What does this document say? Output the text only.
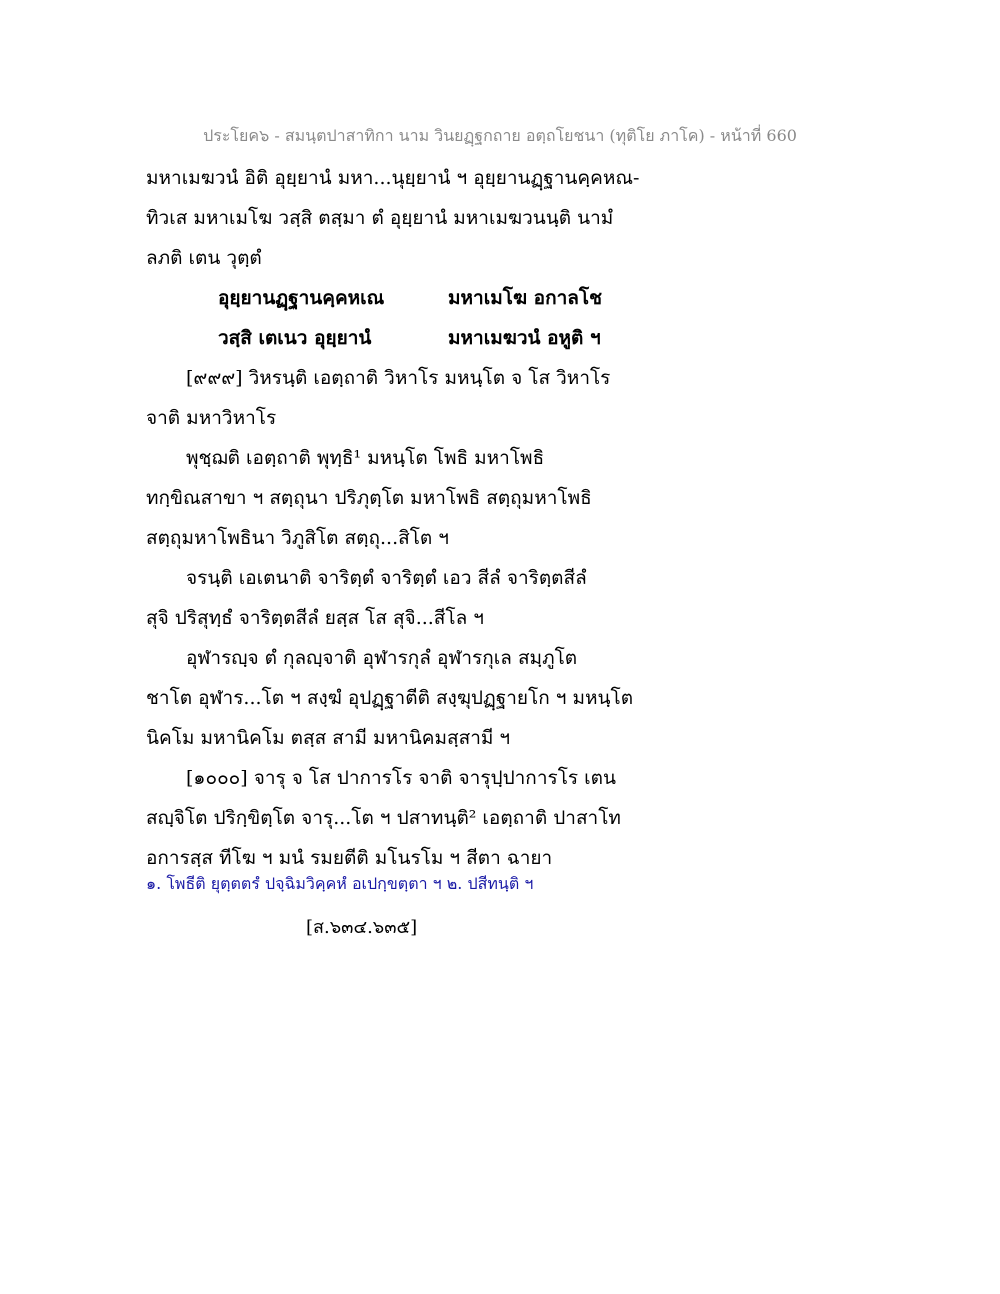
ประโยค๖ - สมนฺตปาสาทิกา นาม วินยฏฺฐกถาย อตฺถโยชนา (ทุติโย ภาโค) - หน้าที่ 660
มหาเมฆวนํ อิติ อุยฺยานํ มหา...นุยฺยานํ ฯ อุยฺยานฏฺฐานคฺคหณ-
ทิวเส มหาเมโฆ วสฺสิ ตสฺมา ตํ อุยฺยานํ มหาเมฆวนนฺติ นามํ
ลภติ เตน วุตฺตํ
อุยฺยานฏฺฐานคฺคหเณ	มหาเมโฆ อกาลโช
วสฺสิ เตเนว อุยฺยานํ	มหาเมฆวนํ อหูติ ฯ
[๙๙๙] วิหรนฺติ เอตฺถาติ วิหาโร มหนฺโต จ โส วิหาโร
จาติ มหาวิหาโร
พุชฺฌติ เอตฺถาติ พุทฺธิ¹ มหนฺโต โพธิ มหาโพธิ
ทกฺขิณสาขา ฯ สตฺถุนา ปริภุตฺโต มหาโพธิ สตฺถุมหาโพธิ
สตฺถุมหาโพธินา วิภูสิโต สตฺถุ...สิโต ฯ
จรนฺติ เอเตนาติ จาริตฺตํ จาริตฺตํ เอว สีลํ จาริตฺตสีลํ
สุจิ ปริสุทฺธํ จาริตฺตสีลํ ยสฺส โส สุจิ...สีโล ฯ
อุฬารญฺจ ตํ กุลญฺจาติ อุฬารกุลํ อุฬารกุเล สมฺภูโต
ชาโต อุฬาร...โต ฯ สงฺฆํ อุปฏฺฐาตีติ สงฺฆุปฏฺฐายโก ฯ มหนฺโต
นิคโม มหานิคโม ตสฺส สามี มหานิคมสฺสามี ฯ
[๑๐๐๐] จารุ จ โส ปาการโร จาติ จารุปฺปาการโร เตน
สญฺจิโต ปริกฺขิตฺโต จารุ...โต ฯ ปสาทนฺติ² เอตฺถาติ ปาสาโท
อการสฺส ทีโฆ ฯ มนํ รมยตีติ มโนรโม ฯ สีตา ฉายา
๑. โพธีติ ยุตฺตตรํ ปจฺฉิมวิคฺคหํ อเปกฺขตฺตา ฯ ๒. ปสีทนฺติ ฯ
[ส.๖๓๔.๖๓๕]
